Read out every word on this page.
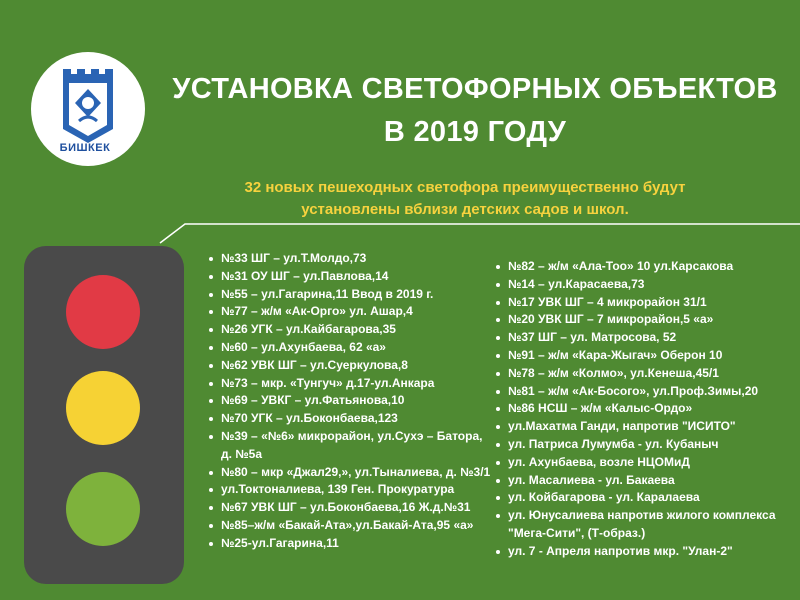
БИШКЕК
УСТАНОВКА СВЕТОФОРНЫХ ОБЪЕКТОВ
В 2019 ГОДУ
32 новых пешеходных светофора преимущественно будут
установлены вблизи детских садов и школ.
№33 ШГ – ул.Т.Молдо,73
№31 ОУ ШГ – ул.Павлова,14
№55 – ул.Гагарина,11 Ввод в 2019 г.
№77 – ж/м «Ак-Орго» ул. Ашар,4
№26 УГК – ул.Кайбагарова,35
№60 – ул.Ахунбаева, 62 «а»
№62 УВК ШГ – ул.Суеркулова,8
№73 – мкр. «Тунгуч» д.17-ул.Анкара
№69 – УВКГ – ул.Фатьянова,10
№70 УГК – ул.Боконбаева,123
№39 – «№6» микрорайон, ул.Сухэ – Батора, д. №5а
№80 – мкр «Джал29,», ул.Тыналиева, д. №3/1
ул.Токтоналиева, 139 Ген. Прокуратура
№67 УВК ШГ – ул.Боконбаева,16 Ж.д.№31
№85–ж/м «Бакай-Ата»,ул.Бакай-Ата,95 «а»
№25-ул.Гагарина,11
№82 – ж/м «Ала-Тоо» 10 ул.Карсакова
№14 – ул.Карасаева,73
№17 УВК ШГ – 4 микрорайон 31/1
№20 УВК ШГ – 7 микрорайон,5 «а»
№37 ШГ – ул. Матросова, 52
№91 – ж/м «Кара-Жыгач» Оберон 10
№78 – ж/м «Колмо», ул.Кенеша,45/1
№81 – ж/м «Ак-Босого», ул.Проф.Зимы,20
№86 НСШ – ж/м «Калыс-Ордо»
ул.Махатма Ганди, напротив "ИСИТО"
ул. Патриса Лумумба - ул. Кубаныч
ул. Ахунбаева, возле НЦОМиД
ул. Масалиева - ул. Бакаева
ул. Койбагарова - ул. Каралаева
ул. Юнусалиева напротив жилого комплекса "Мега-Сити", (Т-образ.)
ул. 7 - Апреля напротив мкр. "Улан-2"
